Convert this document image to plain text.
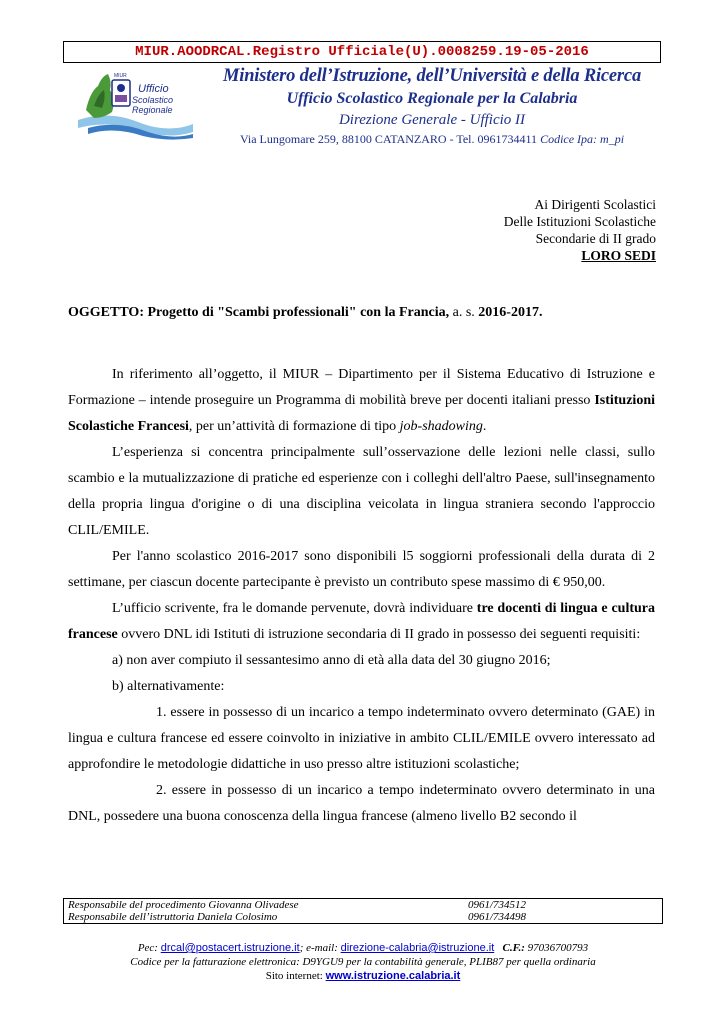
MIUR.AOODRCAL.Registro Ufficiale(U).0008259.19-05-2016
MIUR
Ufficio
Scolastico
Regionale
Ministero dell’Istruzione, dell’Università e della Ricerca
Ufficio Scolastico Regionale per la Calabria
Direzione Generale - Ufficio II
Via Lungomare 259, 88100 CATANZARO - Tel. 0961734411 Codice Ipa: m_pi
Ai Dirigenti Scolastici
Delle Istituzioni Scolastiche
Secondarie di II grado
LORO SEDI
OGGETTO: Progetto di "Scambi professionali" con la Francia, a. s. 2016-2017.

In riferimento all’oggetto, il MIUR – Dipartimento per il Sistema Educativo di Istruzione e Formazione – intende proseguire un Programma di mobilità breve per docenti italiani presso Istituzioni Scolastiche Francesi, per un’attività di formazione di tipo job-shadowing.

L’esperienza si concentra principalmente sull’osservazione delle lezioni nelle classi, sullo scambio e la mutualizzazione di pratiche ed esperienze con i colleghi dell'altro Paese, sull'insegnamento della propria lingua d'origine o di una disciplina veicolata in lingua straniera secondo l'approccio CLIL/EMILE.

Per l'anno scolastico 2016-2017 sono disponibili l5 soggiorni professionali della durata di 2 settimane, per ciascun docente partecipante è previsto un contributo spese massimo di € 950,00.

L’ufficio scrivente, fra le domande pervenute, dovrà individuare tre docenti di lingua e cultura francese ovvero DNL idi Istituti di istruzione secondaria di II grado in possesso dei seguenti requisiti:

a) non aver compiuto il sessantesimo anno di età alla data del 30 giugno 2016;

b) alternativamente:

1. essere in possesso di un incarico a tempo indeterminato ovvero determinato (GAE) in lingua e cultura francese ed essere coinvolto in iniziative in ambito CLIL/EMILE ovvero interessato ad approfondire le metodologie didattiche in uso presso altre istituzioni scolastiche;

2. essere in possesso di un incarico a tempo indeterminato ovvero determinato in una DNL, possedere una buona conoscenza della lingua francese (almeno livello B2 secondo il

Responsabile del procedimento Giovanna Olivadese	0961/734512
Responsabile dell’istruttoria Daniela Colosimo	0961/734498
Pec: drcal@postacert.istruzione.it; e-mail: direzione-calabria@istruzione.it C.F.: 97036700793
Codice per la fatturazione elettronica: D9YGU9 per la contabilità generale, PLIB87 per quella ordinaria
Sito internet: www.istruzione.calabria.it
